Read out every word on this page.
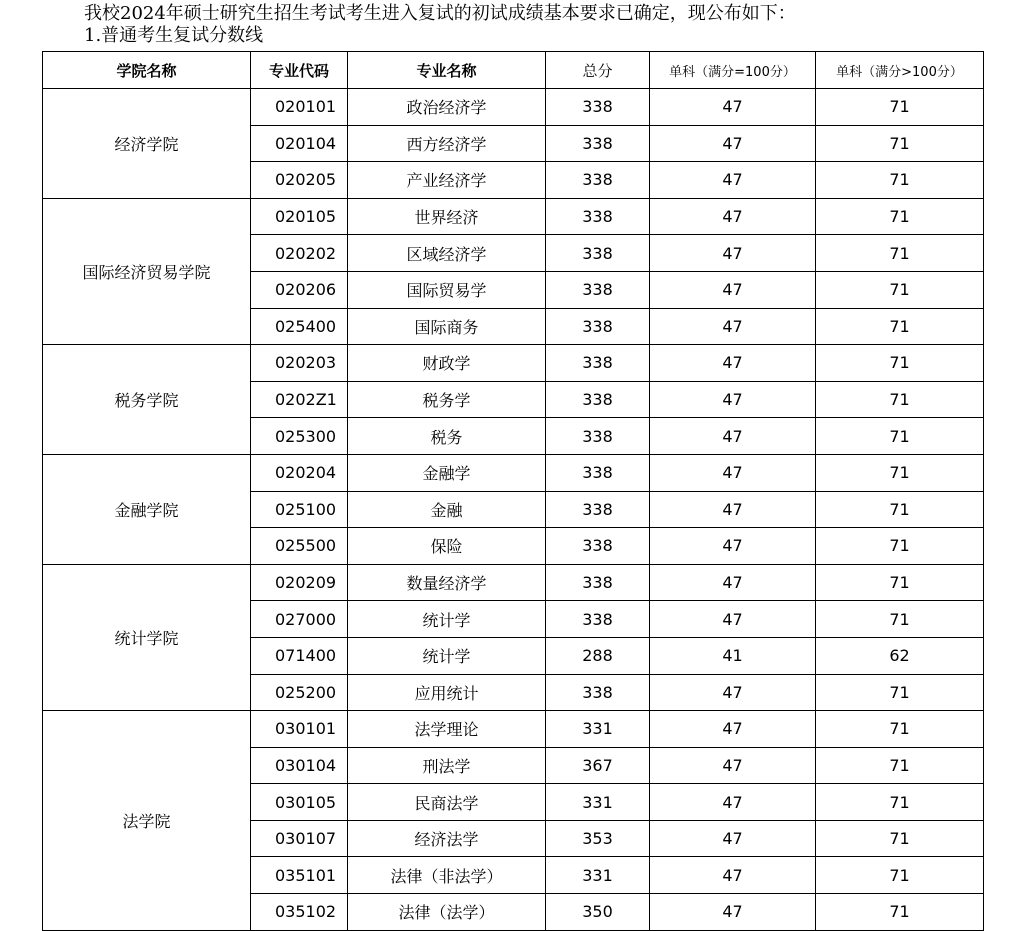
我校2024年硕士研究生招生考试考生进入复试的初试成绩基本要求已确定，现公布如下：
1.普通考生复试分数线
学院名称	专业代码	专业名称	总分	单科（满分=100分）	单科（满分>100分）
经济学院	020101	政治经济学	338	47	71
	020104	西方经济学	338	47	71
	020205	产业经济学	338	47	71
国际经济贸易学院	020105	世界经济	338	47	71
	020202	区域经济学	338	47	71
	020206	国际贸易学	338	47	71
	025400	国际商务	338	47	71
税务学院	020203	财政学	338	47	71
	0202Z1	税务学	338	47	71
	025300	税务	338	47	71
金融学院	020204	金融学	338	47	71
	025100	金融	338	47	71
	025500	保险	338	47	71
统计学院	020209	数量经济学	338	47	71
	027000	统计学	338	47	71
	071400	统计学	288	41	62
	025200	应用统计	338	47	71
法学院	030101	法学理论	331	47	71
	030104	刑法学	367	47	71
	030105	民商法学	331	47	71
	030107	经济法学	353	47	71
	035101	法律（非法学）	331	47	71
	035102	法律（法学）	350	47	71
